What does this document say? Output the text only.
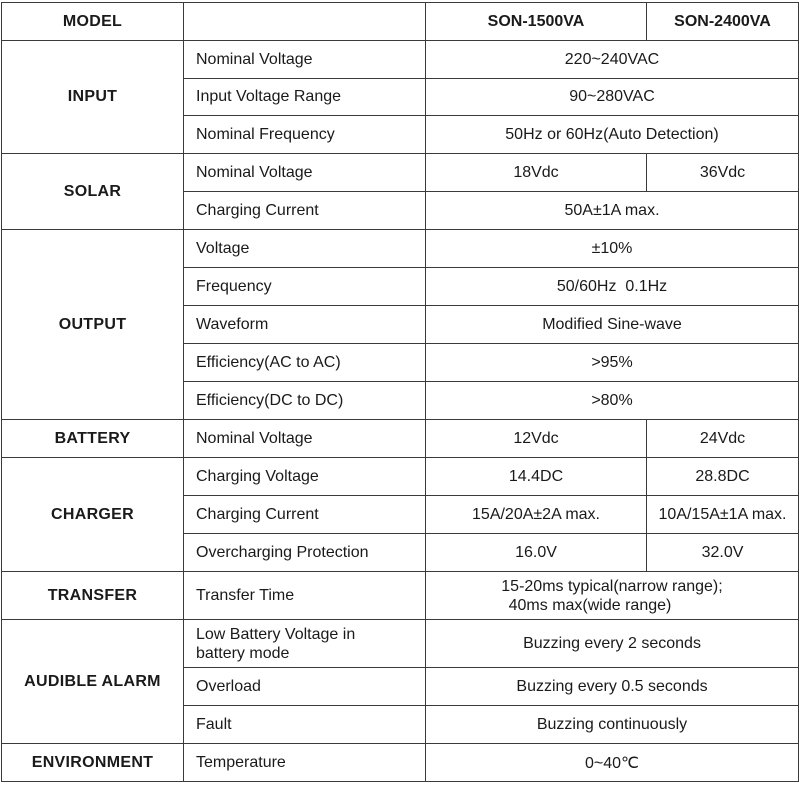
MODEL		SON-1500VA	SON-2400VA
INPUT	Nominal Voltage	220~240VAC	
	Input Voltage Range	90~280VAC	
	Nominal Frequency	50Hz or 60Hz(Auto Detection)	
SOLAR	Nominal Voltage	18Vdc	36Vdc
	Charging Current	50A±1A max.	
OUTPUT	Voltage	±10%	
	Frequency	50/60Hz  0.1Hz	
	Waveform	Modified Sine-wave	
	Efficiency(AC to AC)	>95%	
	Efficiency(DC to DC)	>80%	
BATTERY	Nominal Voltage	12Vdc	24Vdc
CHARGER	Charging Voltage	14.4DC	28.8DC
	Charging Current	15A/20A±2A max.	10A/15A±1A max.
	Overcharging Protection	16.0V	32.0V
TRANSFER	Transfer Time	15-20ms typical(narrow range);
40ms max(wide range)	

AUDIBLE ALARM	Low Battery Voltage in
battery mode	Buzzing every 2 seconds	
	Overload	Buzzing every 0.5 seconds	
	Fault	Buzzing continuously	
ENVIRONMENT	Temperature	0~40℃	
